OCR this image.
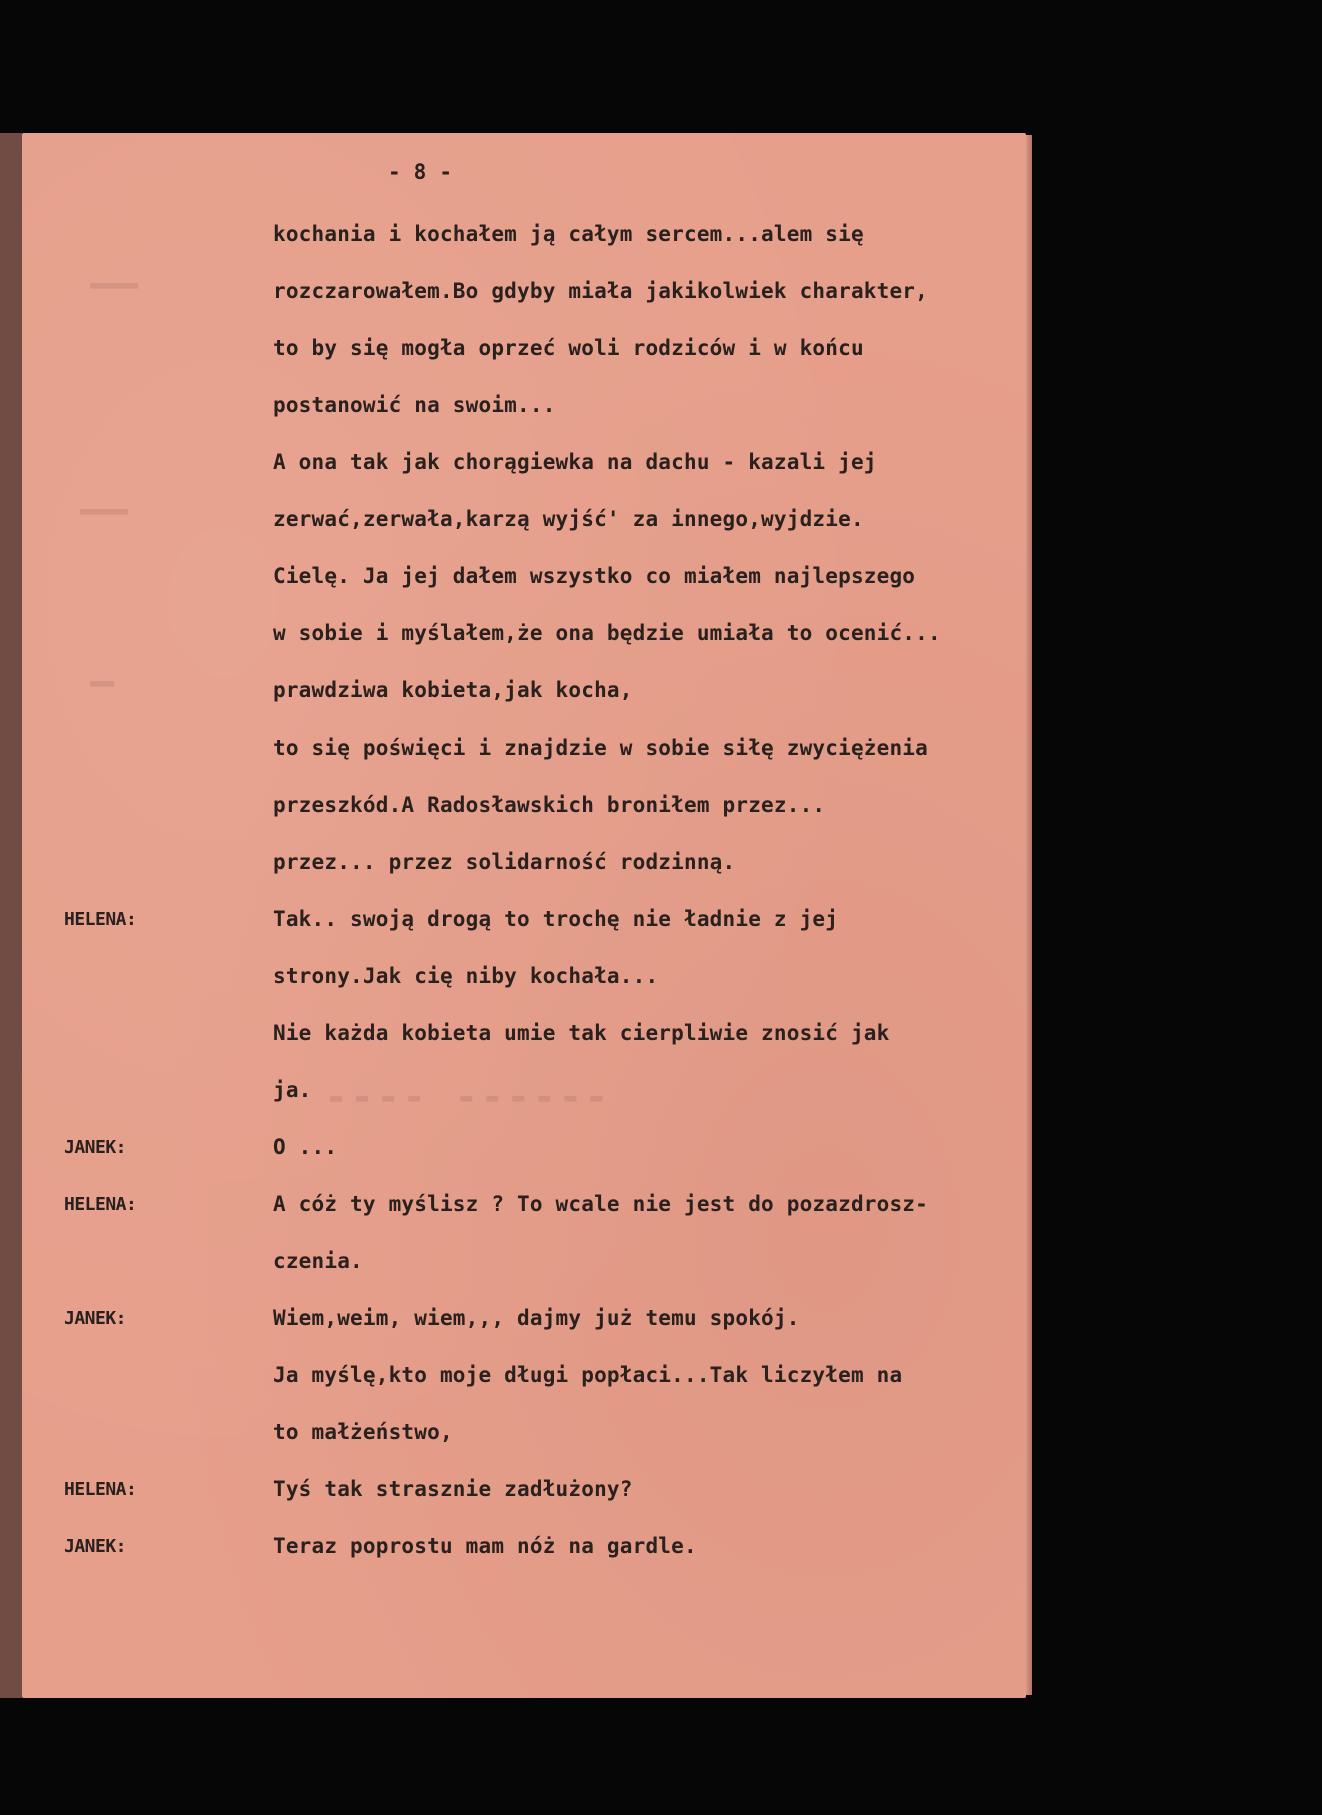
▬▬▬▬
▬▬▬▬
▬▬
▬▬▬▬ ▬▬▬▬▬▬
- 8 -
kochania i kochałem ją całym sercem...alem się
rozczarowałem.Bo gdyby miała jakikolwiek charakter,
to by się mogła oprzeć woli rodziców i w końcu
postanowić na swoim...
A ona tak jak chorągiewka na dachu - kazali jej
zerwać,zerwała,karzą wyjść' za innego,wyjdzie.
Cielę. Ja jej dałem wszystko co miałem najlepszego
w sobie i myślałem,że ona będzie umiała to ocenić...
prawdziwa kobieta,jak kocha,
to się poświęci i znajdzie w sobie siłę zwyciężenia
przeszkód.A Radosławskich broniłem przez...
przez... przez solidarność rodzinną.
HELENA:	Tak.. swoją drogą to trochę nie ładnie z jej
strony.Jak cię niby kochała...
Nie każda kobieta umie tak cierpliwie znosić jak
ja.
JANEK:	O ...
HELENA:	A cóż ty myślisz ? To wcale nie jest do pozazdrosz-
czenia.
JANEK:	Wiem,weim, wiem,,, dajmy już temu spokój.
Ja myślę,kto moje długi popłaci...Tak liczyłem na
to małżeństwo,
HELENA:	Tyś tak strasznie zadłużony?
JANEK:	Teraz poprostu mam nóż na gardle.
